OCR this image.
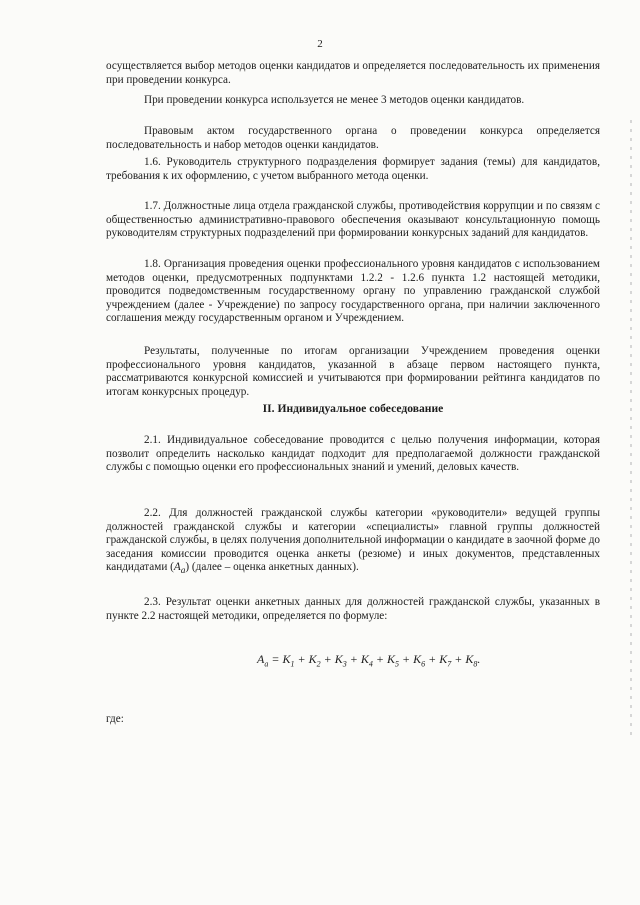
2
осуществляется выбор методов оценки кандидатов и определяется последовательность их применения при проведении конкурса.
При проведении конкурса используется не менее 3 методов оценки кандидатов.
Правовым актом государственного органа о проведении конкурса определяется последовательность и набор методов оценки кандидатов.
1.6. Руководитель структурного подразделения формирует задания (темы) для кандидатов, требования к их оформлению, с учетом выбранного метода оценки.
1.7. Должностные лица отдела гражданской службы, противодействия коррупции и по связям с общественностью административно-правового обеспечения оказывают консультационную помощь руководителям структурных подразделений при формировании конкурсных заданий для кандидатов.
1.8. Организация проведения оценки профессионального уровня кандидатов с использованием методов оценки, предусмотренных подпунктами 1.2.2 - 1.2.6 пункта 1.2 настоящей методики, проводится подведомственным государственному органу по управлению гражданской службой учреждением (далее - Учреждение) по запросу государственного органа, при наличии заключенного соглашения между государственным органом и Учреждением.
Результаты, полученные по итогам организации Учреждением проведения оценки профессионального уровня кандидатов, указанной в абзаце первом настоящего пункта, рассматриваются конкурсной комиссией и учитываются при формировании рейтинга кандидатов по итогам конкурсных процедур.
II. Индивидуальное собеседование
2.1. Индивидуальное собеседование проводится с целью получения информации, которая позволит определить насколько кандидат подходит для предполагаемой должности гражданской службы с помощью оценки его профессиональных знаний и умений, деловых качеств.
2.2. Для должностей гражданской службы категории «руководители» ведущей группы должностей гражданской службы и категории «специалисты» главной группы должностей гражданской службы, в целях получения дополнительной информации о кандидате в заочной форме до заседания комиссии проводится оценка анкеты (резюме) и иных документов, представленных кандидатами $(A_a)$ (далее – оценка анкетных данных).
2.3. Результат оценки анкетных данных для должностей гражданской службы, указанных в пункте 2.2 настоящей методики, определяется по формуле:
$A_a = K_1 + K_2 + K_3 + K_4 + K_5 + K_6 + K_7 + K_8$.
где:
